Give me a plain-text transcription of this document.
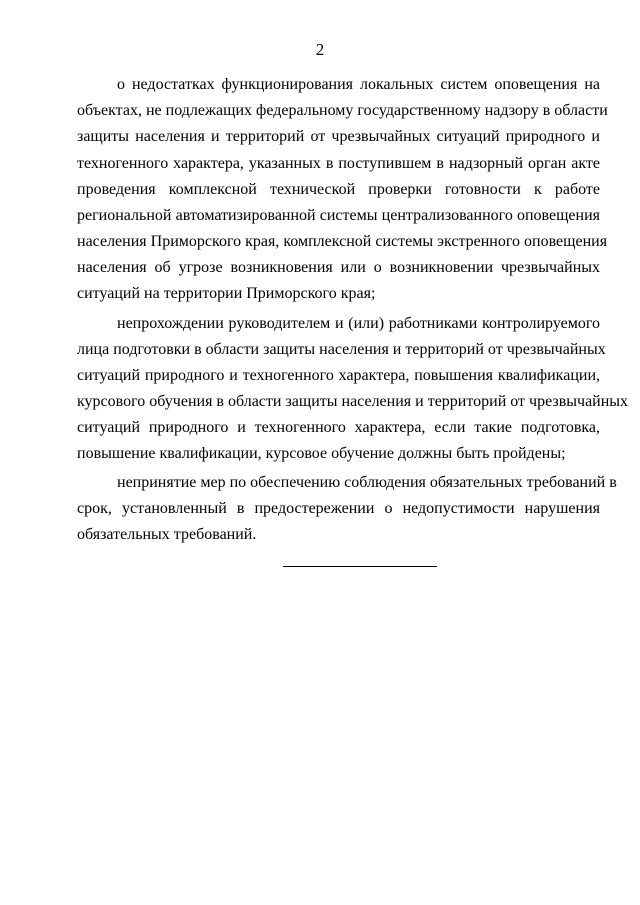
2
о недостатках функционирования локальных систем оповещения на
объектах, не подлежащих федеральному государственному надзору в области
защиты населения и территорий от чрезвычайных ситуаций природного и
техногенного характера, указанных в поступившем в надзорный орган акте
проведения комплексной технической проверки готовности к работе
региональной автоматизированной системы централизованного оповещения
населения Приморского края, комплексной системы экстренного оповещения
населения об угрозе возникновения или о возникновении чрезвычайных
ситуаций на территории Приморского края;
непрохождении руководителем и (или) работниками контролируемого
лица подготовки в области защиты населения и территорий от чрезвычайных
ситуаций природного и техногенного характера, повышения квалификации,
курсового обучения в области защиты населения и территорий от чрезвычайных
ситуаций природного и техногенного характера, если такие подготовка,
повышение квалификации, курсовое обучение должны быть пройдены;
непринятие мер по обеспечению соблюдения обязательных требований в
срок, установленный в предостережении о недопустимости нарушения
обязательных требований.
